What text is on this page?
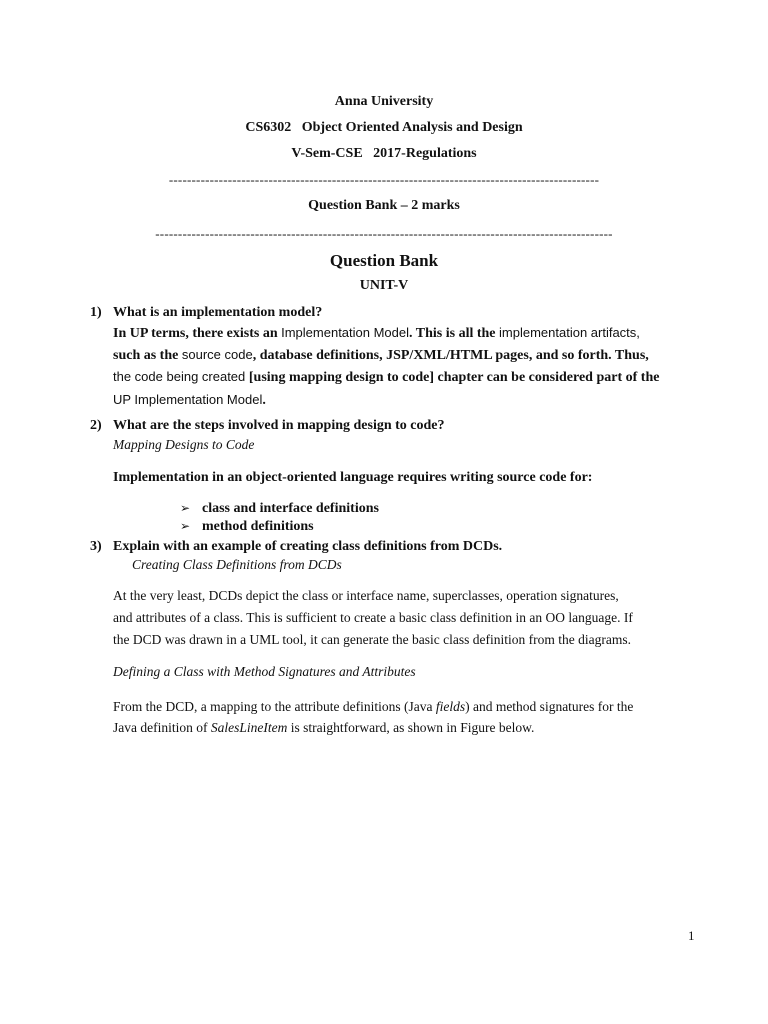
Anna University
CS6302   Object Oriented Analysis and Design
V-Sem-CSE   2017-Regulations
-----------------------------------------------------------------------------------------------
Question Bank – 2 marks
-----------------------------------------------------------------------------------------------------
Question Bank
UNIT-V
1) What is an implementation model?
In UP terms, there exists an Implementation Model. This is all the implementation artifacts,
such as the source code, database definitions, JSP/XML/HTML pages, and so forth. Thus,
the code being created [using mapping design to code] chapter can be considered part of the
UP Implementation Model.
2) What are the steps involved in mapping design to code?
Mapping Designs to Code
Implementation in an object-oriented language requires writing source code for:
➢ class and interface definitions
➢ method definitions
3) Explain with an example of creating class definitions from DCDs.
Creating Class Definitions from DCDs
At the very least, DCDs depict the class or interface name, superclasses, operation signatures,
and attributes of a class. This is sufficient to create a basic class definition in an OO language. If
the DCD was drawn in a UML tool, it can generate the basic class definition from the diagrams.
Defining a Class with Method Signatures and Attributes
From the DCD, a mapping to the attribute definitions (Java fields) and method signatures for the
Java definition of SalesLineItem is straightforward, as shown in Figure below.
1
